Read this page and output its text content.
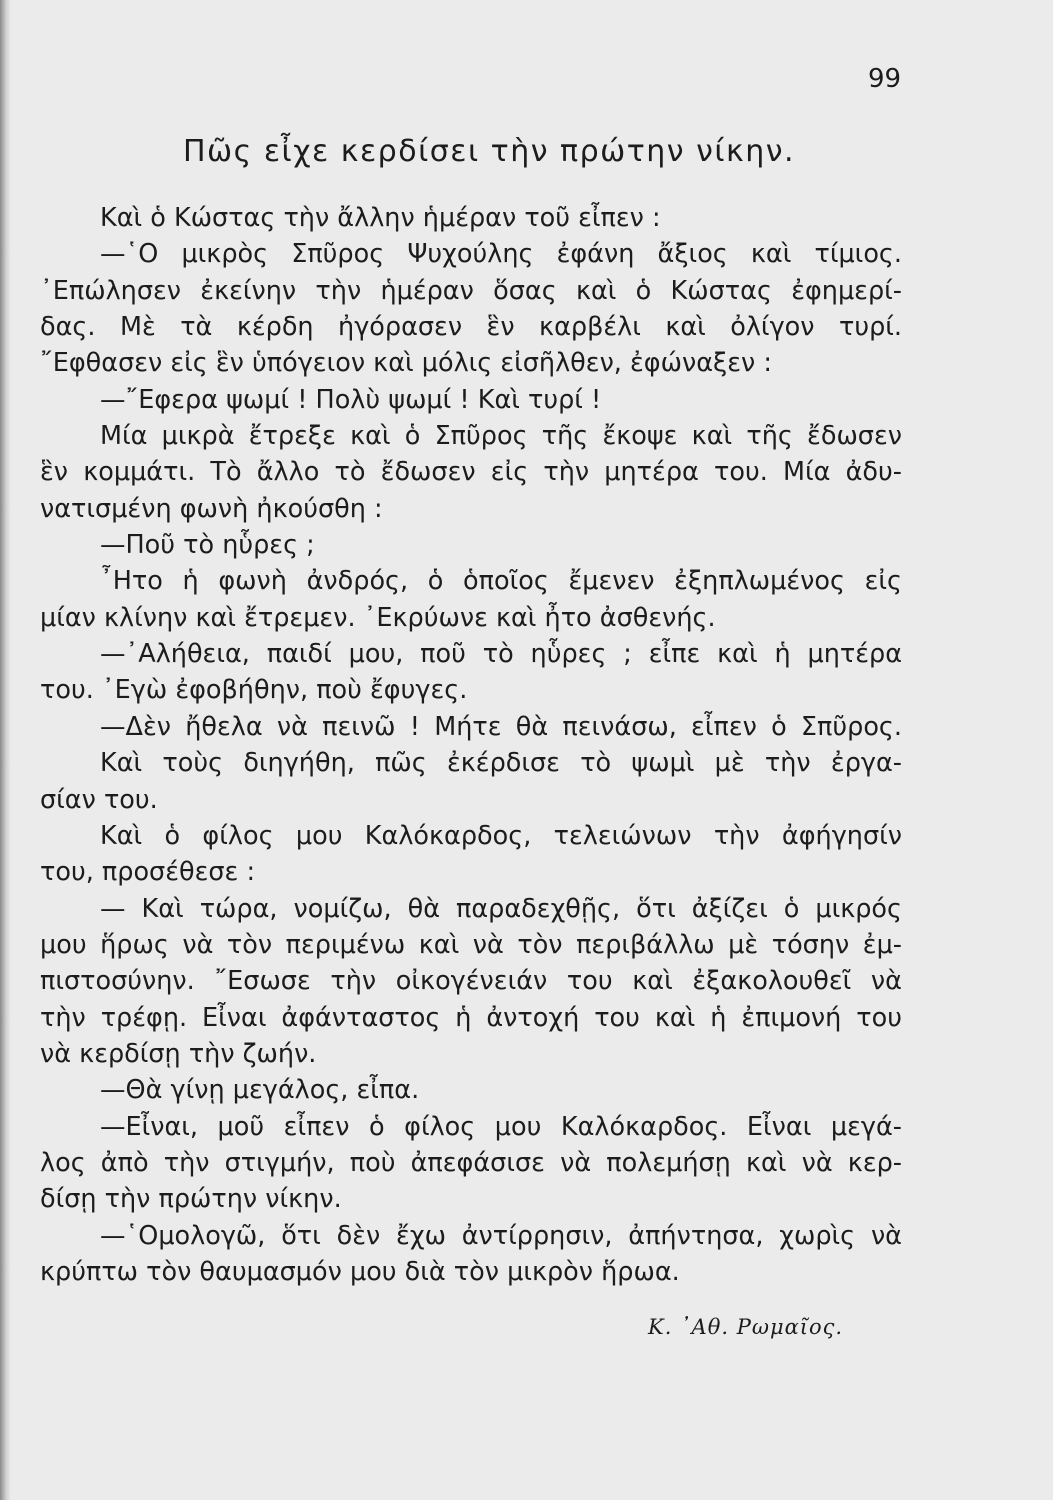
99
Πῶς εἶχε κερδίσει τὴν πρώτην νίκην.
Καὶ ὁ Κώστας τὴν ἄλλην ἡμέραν τοῦ εἶπεν :
—῾Ο μικρὸς Σπῦρος Ψυχούλης ἐφάνη ἄξιος καὶ τίμιος.
᾿Επώλησεν ἐκείνην τὴν ἡμέραν ὅσας καὶ ὁ Κώστας ἐφημερί-
δας. Μὲ τὰ κέρδη ἠγόρασεν ἓν καρβέλι καὶ ὀλίγον τυρί.
῎Εφθασεν εἰς ἓν ὑπόγειον καὶ μόλις εἰσῆλθεν, ἐφώναξεν :
—῎Εφερα ψωμί ! Πολὺ ψωμί ! Καὶ τυρί !
Μία μικρὰ ἔτρεξε καὶ ὁ Σπῦρος τῆς ἔκοψε καὶ τῆς ἔδωσεν
ἓν κομμάτι. Τὸ ἄλλο τὸ ἔδωσεν εἰς τὴν μητέρα του. Μία ἀδυ-
νατισμένη φωνὴ ἠκούσθη :
—Ποῦ τὸ ηὗρες ;
῏Ητο ἡ φωνὴ ἀνδρός, ὁ ὁποῖος ἔμενεν ἐξηπλωμένος εἰς
μίαν κλίνην καὶ ἔτρεμεν. ᾿Εκρύωνε καὶ ἦτο ἀσθενής.
—᾿Αλήθεια, παιδί μου, ποῦ τὸ ηὗρες ; εἶπε καὶ ἡ μητέρα
του. ᾿Εγὼ ἐφοβήθην, ποὺ ἔφυγες.
—Δὲν ἤθελα νὰ πεινῶ ! Μήτε θὰ πεινάσω, εἶπεν ὁ Σπῦρος.
Καὶ τοὺς διηγήθη, πῶς ἐκέρδισε τὸ ψωμὶ μὲ τὴν ἐργα-
σίαν του.
Καὶ ὁ φίλος μου Καλόκαρδος, τελειώνων τὴν ἀφήγησίν
του, προσέθεσε :
— Καὶ τώρα, νομίζω, θὰ παραδεχθῇς, ὅτι ἀξίζει ὁ μικρός
μου ἥρως νὰ τὸν περιμένω καὶ νὰ τὸν περιβάλλω μὲ τόσην ἐμ-
πιστοσύνην. ῎Εσωσε τὴν οἰκογένειάν του καὶ ἐξακολουθεῖ νὰ
τὴν τρέφῃ. Εἶναι ἀφάνταστος ἡ ἀντοχή του καὶ ἡ ἐπιμονή του
νὰ κερδίσῃ τὴν ζωήν.
—Θὰ γίνῃ μεγάλος, εἶπα.
—Εἶναι, μοῦ εἶπεν ὁ φίλος μου Καλόκαρδος. Εἶναι μεγά-
λος ἀπὸ τὴν στιγμήν, ποὺ ἀπεφάσισε νὰ πολεμήσῃ καὶ νὰ κερ-
δίσῃ τὴν πρώτην νίκην.
—῾Ομολογῶ, ὅτι δὲν ἔχω ἀντίρρησιν, ἀπήντησα, χωρὶς νὰ
κρύπτω τὸν θαυμασμόν μου διὰ τὸν μικρὸν ἥρωα.
Κ. ᾿Αθ. Ρωμαῖος.
